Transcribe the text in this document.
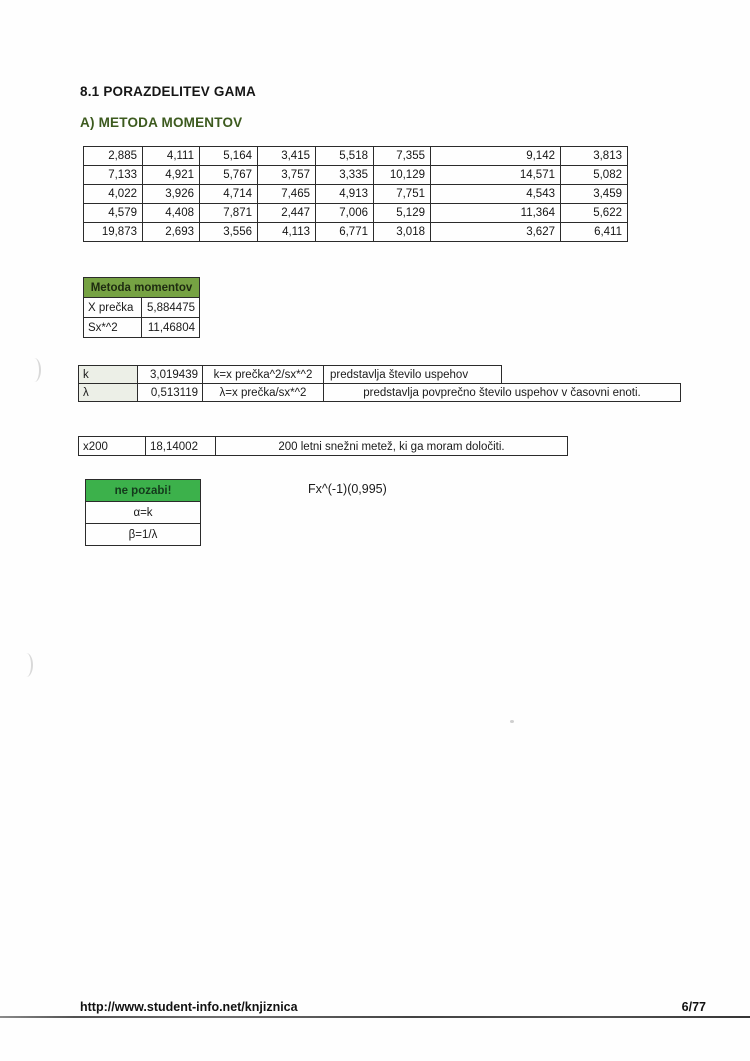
8.1 PORAZDELITEV GAMA
A) METODA MOMENTOV
2,885	4,111	5,164	3,415	5,518	7,355	9,142	3,813
7,133	4,921	5,767	3,757	3,335	10,129	14,571	5,082
4,022	3,926	4,714	7,465	4,913	7,751	4,543	3,459
4,579	4,408	7,871	2,447	7,006	5,129	11,364	5,622
19,873	2,693	3,556	4,113	6,771	3,018	3,627	6,411
Metoda momentov	
X prečka	5,884475
Sx*^2	11,46804
k	3,019439	k=x prečka^2/sx*^2	predstavlja število uspehov
λ	0,513119	λ=x prečka/sx*^2	predstavlja povprečno število uspehov v časovni enoti.
x200	18,14002	200 letni snežni metež, ki ga moram določiti.
ne pozabi!
α=k
β=1/λ
Fx^(-1)(0,995)
http://www.student-info.net/knjiznica	6/77
